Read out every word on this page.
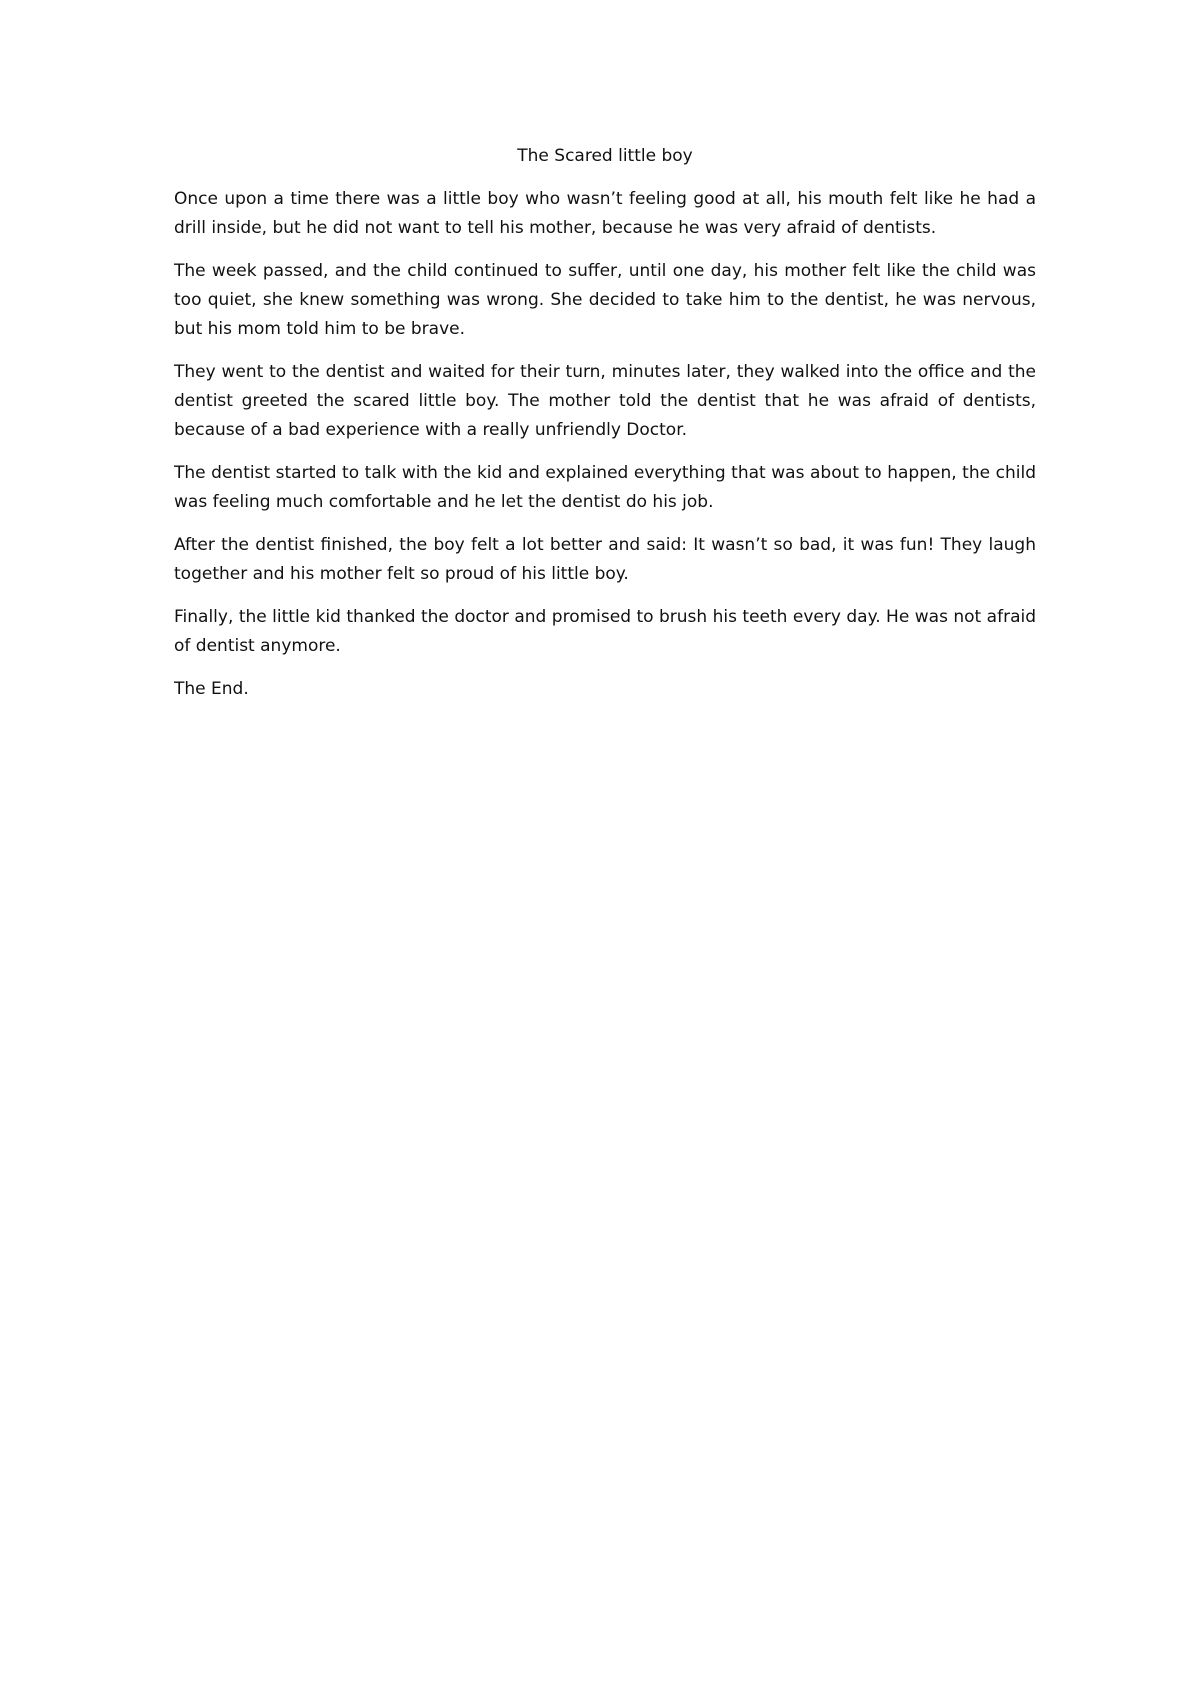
The Scared little boy

Once upon a time there was a little boy who wasn’t feeling good at all, his mouth felt like he had a drill inside, but he did not want to tell his mother, because he was very afraid of dentists.

The week passed, and the child continued to suffer, until one day, his mother felt like the child was too quiet, she knew something was wrong. She decided to take him to the dentist, he was nervous, but his mom told him to be brave.

They went to the dentist and waited for their turn, minutes later, they walked into the office and the dentist greeted the scared little boy. The mother told the dentist that he was afraid of dentists, because of a bad experience with a really unfriendly Doctor.

The dentist started to talk with the kid and explained everything that was about to happen, the child was feeling much comfortable and he let the dentist do his job.

After the dentist finished, the boy felt a lot better and said: It wasn’t so bad, it was fun! They laugh together and his mother felt so proud of his little boy.

Finally, the little kid thanked the doctor and promised to brush his teeth every day. He was not afraid of dentist anymore.

The End.
